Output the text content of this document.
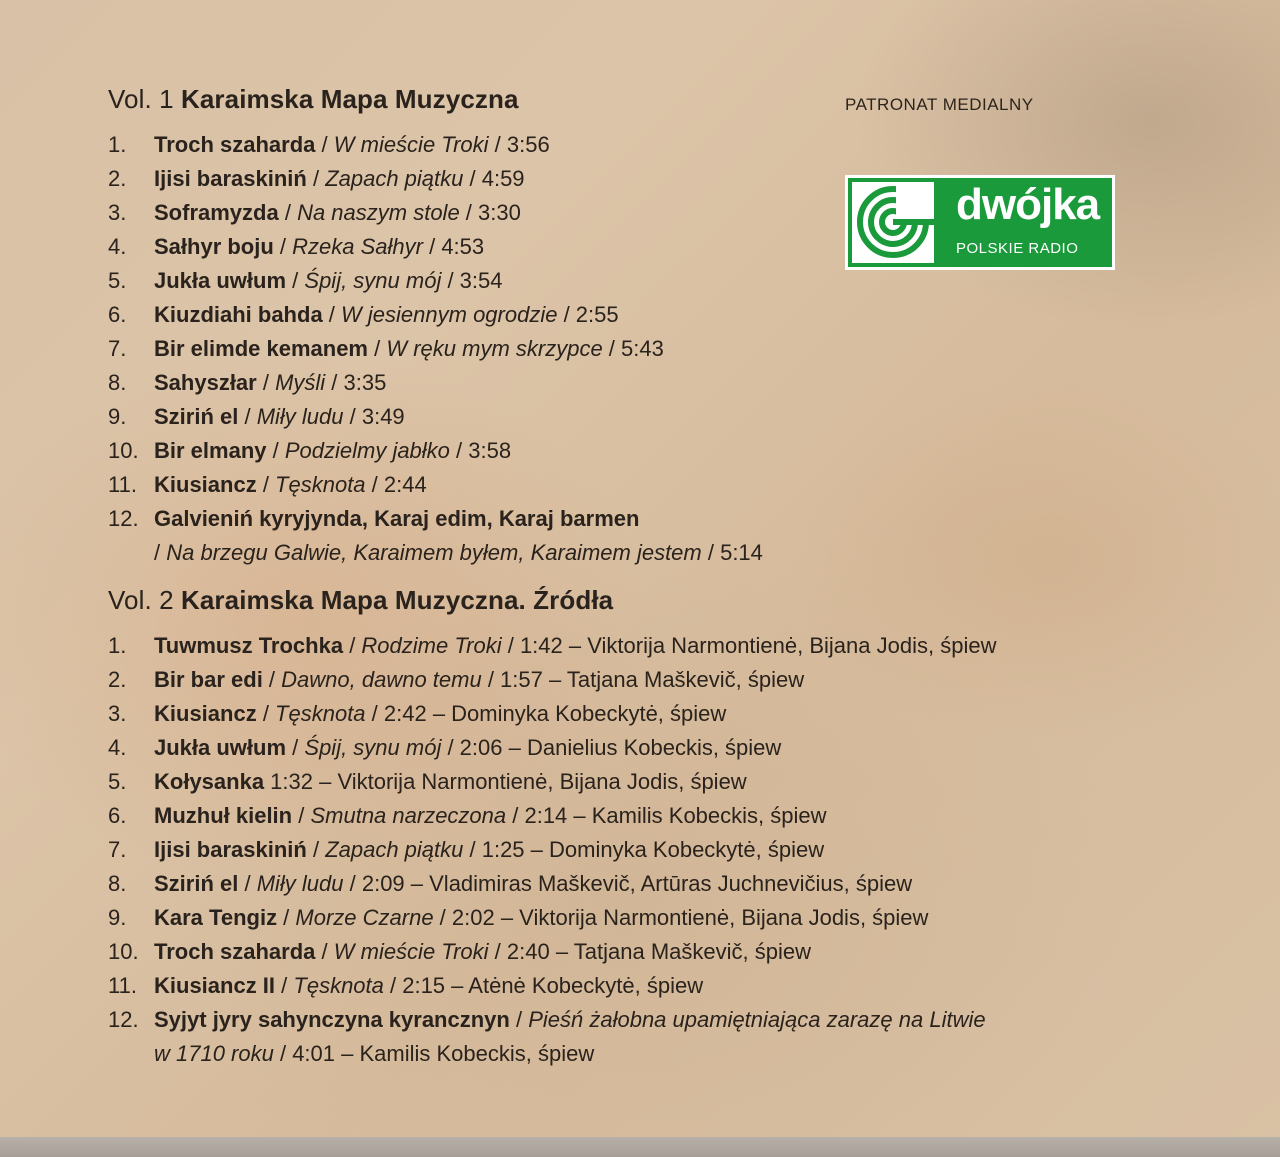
Vol. 1 Karaimska Mapa Muzyczna
1.	Troch szaharda / W mieście Troki / 3:56
2.	Ijisi baraskiniń / Zapach piątku / 4:59
3.	Soframyzda / Na naszym stole / 3:30
4.	Sałhyr boju / Rzeka Sałhyr / 4:53
5.	Jukła uwłum / Śpij, synu mój / 3:54
6.	Kiuzdiahi bahda / W jesiennym ogrodzie / 2:55
7.	Bir elimde kemanem / W ręku mym skrzypce / 5:43
8.	Sahyszłar / Myśli / 3:35
9.	Sziriń el / Miły ludu / 3:49
10. Bir elmany / Podzielmy jabłko / 3:58
11. Kiusiancz / Tęsknota / 2:44
12. Galvieniń kyryjynda, Karaj edim, Karaj barmen
/ Na brzegu Galwie, Karaimem byłem, Karaimem jestem / 5:14
Vol. 2 Karaimska Mapa Muzyczna. Źródła
1.	Tuwmusz Trochka / Rodzime Troki / 1:42 – Viktorija Narmontienė, Bijana Jodis, śpiew
2.	Bir bar edi / Dawno, dawno temu / 1:57 – Tatjana Maškevič, śpiew
3.	Kiusiancz / Tęsknota / 2:42 – Dominyka Kobeckytė, śpiew
4.	Jukła uwłum / Śpij, synu mój / 2:06 – Danielius Kobeckis, śpiew
5.	Kołysanka 1:32 – Viktorija Narmontienė, Bijana Jodis, śpiew
6.	Muzhuł kielin / Smutna narzeczona / 2:14 – Kamilis Kobeckis, śpiew
7.	Ijisi baraskiniń / Zapach piątku / 1:25 – Dominyka Kobeckytė, śpiew
8.	Sziriń el / Miły ludu / 2:09 – Vladimiras Maškevič, Artūras Juchnevičius, śpiew
9.	Kara Tengiz / Morze Czarne / 2:02 – Viktorija Narmontienė, Bijana Jodis, śpiew
10. Troch szaharda / W mieście Troki / 2:40 – Tatjana Maškevič, śpiew
11. Kiusiancz II / Tęsknota / 2:15 – Atėnė Kobeckytė, śpiew
12. Syjyt jyry sahynczyna kyrancznyn / Pieśń żałobna upamiętniająca zarazę na Litwie
w 1710 roku / 4:01 – Kamilis Kobeckis, śpiew
PATRONAT MEDIALNY
dwójka
POLSKIE RADIO
